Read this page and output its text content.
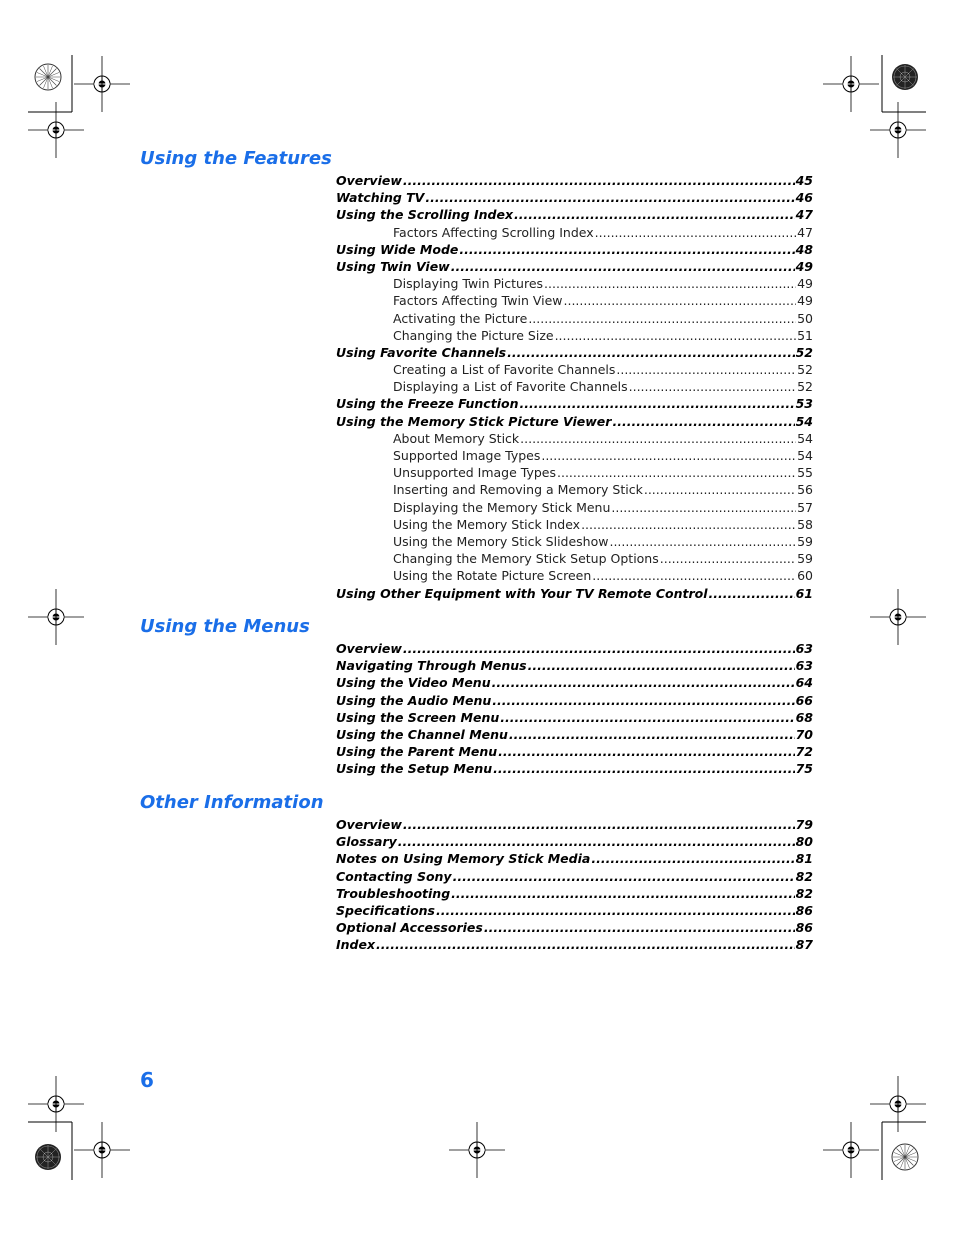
Using the Features
Overview .....	45
Watching TV .....	46
Using the Scrolling Index .....	47
Factors Affecting Scrolling Index .....	47
Using Wide Mode .....	48
Using Twin View .....	49
Displaying Twin Pictures .....	49
Factors Affecting Twin View .....	49
Activating the Picture .....	50
Changing the Picture Size .....	51
Using Favorite Channels .....	52
Creating a List of Favorite Channels .....	52
Displaying a List of Favorite Channels .....	52
Using the Freeze Function .....	53
Using the Memory Stick Picture Viewer .....	54
About Memory Stick .....	54
Supported Image Types .....	54
Unsupported Image Types .....	55
Inserting and Removing a Memory Stick .....	56
Displaying the Memory Stick Menu .....	57
Using the Memory Stick Index .....	58
Using the Memory Stick Slideshow .....	59
Changing the Memory Stick Setup Options .....	59
Using the Rotate Picture Screen .....	60
Using Other Equipment with Your TV Remote Control .....	61
Using the Menus
Overview .....	63
Navigating Through Menus .....	63
Using the Video Menu .....	64
Using the Audio Menu .....	66
Using the Screen Menu .....	68
Using the Channel Menu .....	70
Using the Parent Menu .....	72
Using the Setup Menu .....	75
Other Information
Overview .....	79
Glossary .....	80
Notes on Using Memory Stick Media .....	81
Contacting Sony .....	82
Troubleshooting .....	82
Specifications .....	86
Optional Accessories .....	86
Index .....	87
6
